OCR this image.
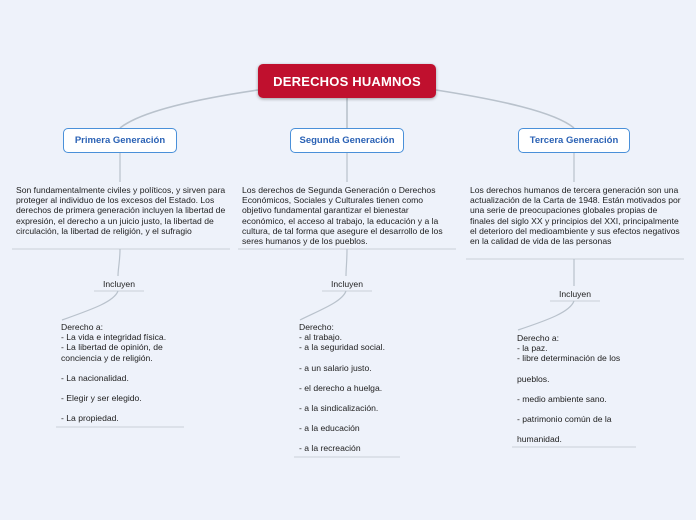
DERECHOS HUAMNOS
Primera Generación

Son fundamentalmente civiles y políticos, y sirven para proteger al individuo de los excesos del Estado. Los derechos de primera generación incluyen la libertad de expresión, el derecho a un juicio justo, la libertad de circulación, la libertad de religión, y el sufragio

Incluyen
Derecho a:
- La vida e integridad física.
- La libertad de opinión, de conciencia y de religión.
- La nacionalidad.
- Elegir y ser elegido.
- La propiedad.
Segunda Generación

Los derechos de Segunda Generación o Derechos Económicos, Sociales y Culturales tienen como objetivo fundamental garantizar el bienestar económico, el acceso al trabajo, la educación y a la cultura, de tal forma que asegure el desarrollo de los seres humanos y de los pueblos.

Incluyen
Derecho:
- al trabajo.
- a la seguridad social.
- a un salario justo.
- el derecho a huelga.
- a la sindicalización.
- a la educación
- a la recreación
Tercera Generación

Los derechos humanos de tercera generación son una actualización de la Carta de 1948. Están motivados por una serie de preocupaciones globales propias de finales del siglo XX y principios del XXI, principalmente el deterioro del medioambiente y sus efectos negativos en la calidad de vida de las personas

Incluyen
Derecho a:
- la paz.
- libre determinación de los
pueblos.
- medio ambiente sano.
- patrimonio común de la
humanidad.
